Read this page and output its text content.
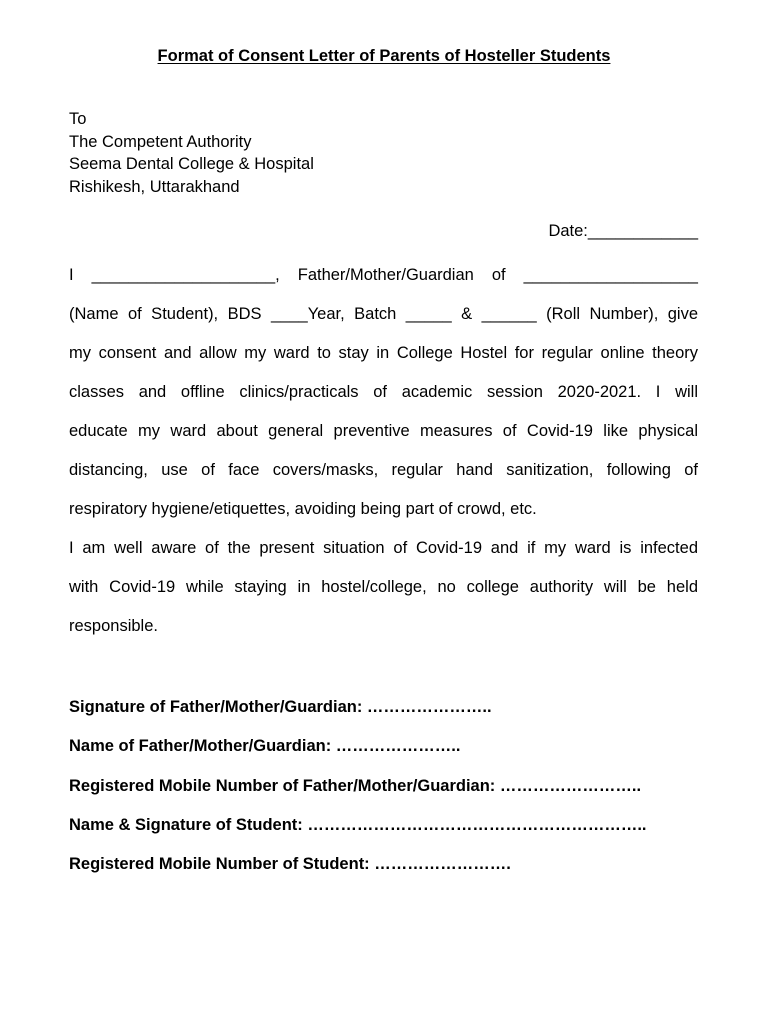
Format of Consent Letter of Parents of Hosteller Students
To
The Competent Authority
Seema Dental College & Hospital
Rishikesh, Uttarakhand
Date:____________
I ____________________, Father/Mother/Guardian of ___________________
(Name of Student), BDS ____Year, Batch _____ & ______ (Roll Number), give
my consent and allow my ward to stay in College Hostel for regular online theory
classes and offline clinics/practicals of academic session 2020-2021. I will
educate my ward about general preventive measures of Covid-19 like physical
distancing, use of face covers/masks, regular hand sanitization, following of
respiratory hygiene/etiquettes, avoiding being part of crowd, etc.
I am well aware of the present situation of Covid-19 and if my ward is infected
with Covid-19 while staying in hostel/college, no college authority will be held
responsible.
Signature of Father/Mother/Guardian: …………………..
Name of Father/Mother/Guardian: …………………..
Registered Mobile Number of Father/Mother/Guardian: ……………………..
Name & Signature of Student: ……………………………………………………..
Registered Mobile Number of Student: …………………….
